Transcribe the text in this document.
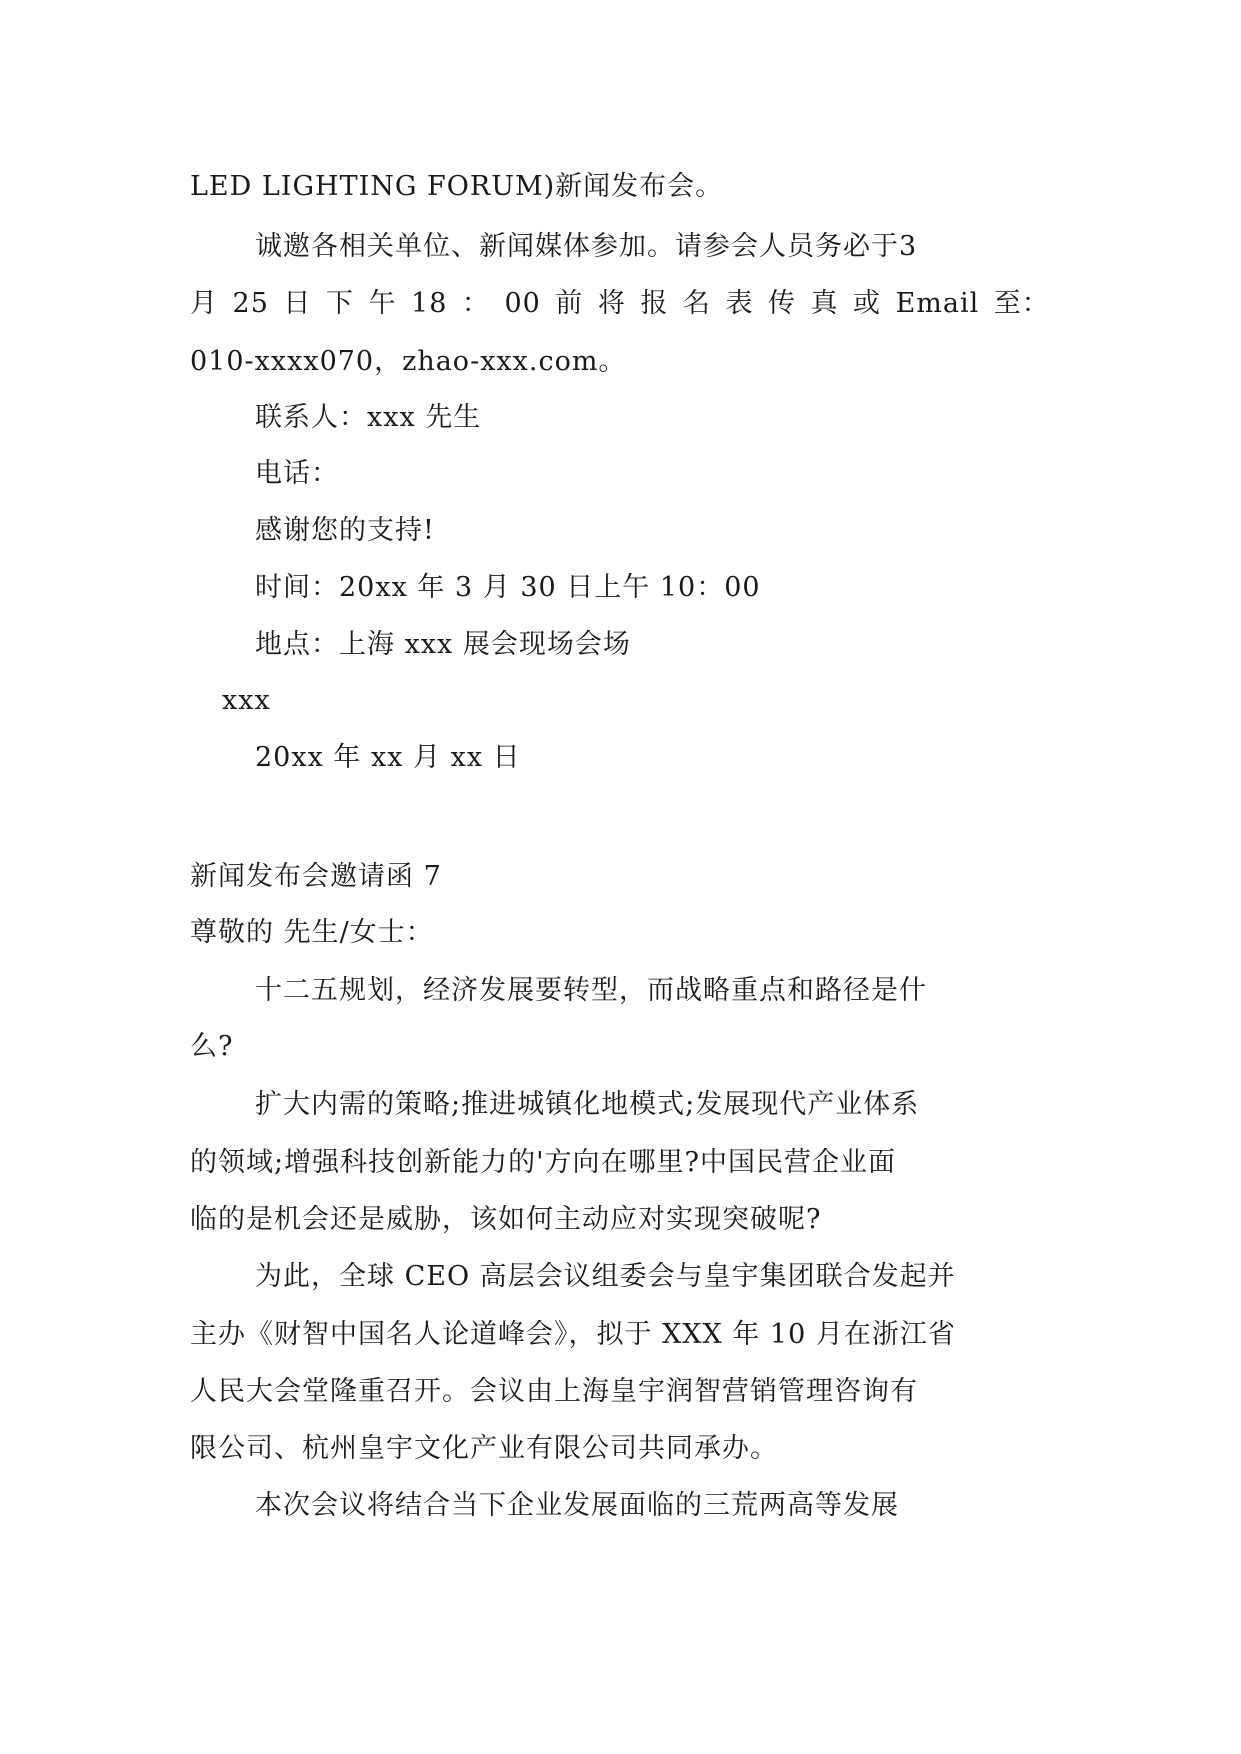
LED LIGHTING FORUM)新闻发布会。
诚邀各相关单位、新闻媒体参加。请参会人员务必于3
月 25 日 下 午 18 ： 00 前 将 报 名 表 传 真 或 Email 至：
010-xxxx070，zhao-xxx.com。
联系人：xxx 先生
电话：
感谢您的支持!
时间：20xx 年 3 月 30 日上午 10：00
地点：上海 xxx 展会现场会场
xxx
20xx 年 xx 月 xx 日
新闻发布会邀请函 7
尊敬的 先生/女士：
十二五规划，经济发展要转型，而战略重点和路径是什
么?
扩大内需的策略;推进城镇化地模式;发展现代产业体系
的领域;增强科技创新能力的'方向在哪里?中国民营企业面
临的是机会还是威胁，该如何主动应对实现突破呢?
为此，全球 CEO 高层会议组委会与皇宇集团联合发起并
主办《财智中国名人论道峰会》，拟于 XXX 年 10 月在浙江省
人民大会堂隆重召开。会议由上海皇宇润智营销管理咨询有
限公司、杭州皇宇文化产业有限公司共同承办。
本次会议将结合当下企业发展面临的三荒两高等发展
